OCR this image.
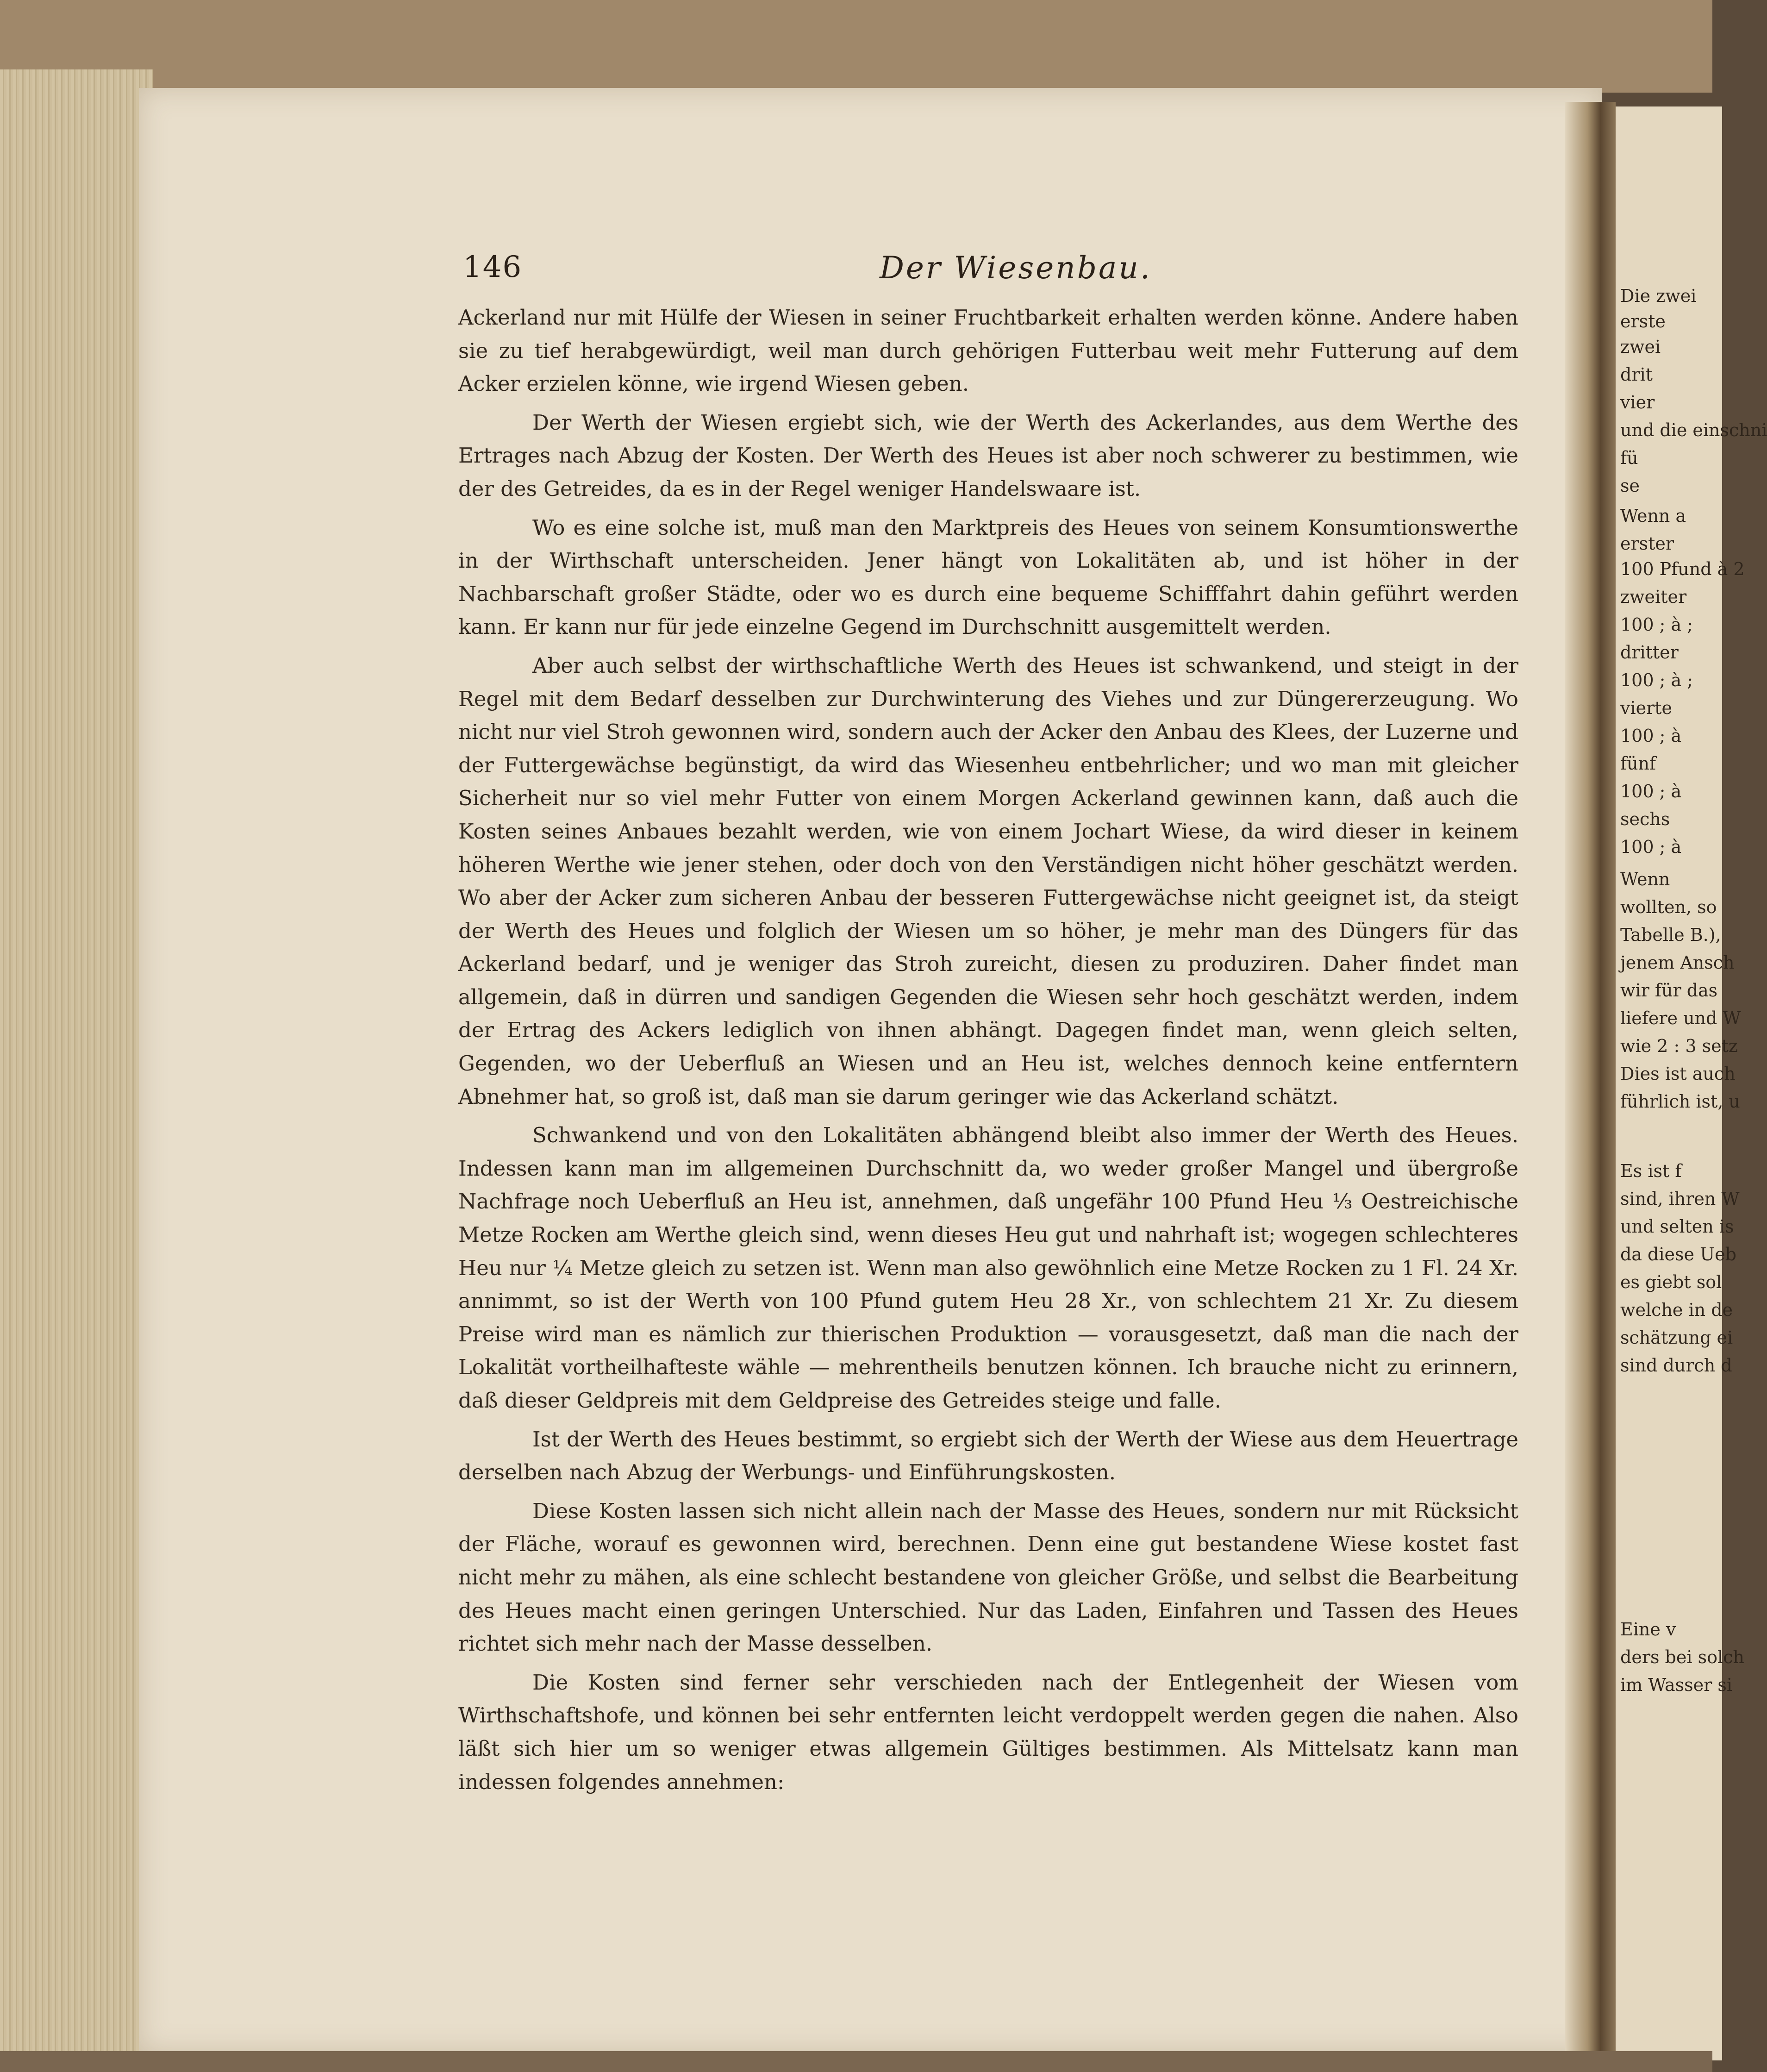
146	Der Wiesenbau.

Ackerland nur mit Hülfe der Wiesen in seiner Fruchtbarkeit erhalten werden könne. Andere haben sie zu tief herabgewürdigt, weil man durch gehörigen Futterbau weit mehr Futterung auf dem Acker erzielen könne, wie irgend Wiesen geben.

Der Werth der Wiesen ergiebt sich, wie der Werth des Ackerlandes, aus dem Werthe des Ertrages nach Abzug der Kosten. Der Werth des Heues ist aber noch schwerer zu bestimmen, wie der des Getreides, da es in der Regel weniger Handelswaare ist.

Wo es eine solche ist, muß man den Marktpreis des Heues von seinem Konsumtionswerthe in der Wirthschaft unterscheiden. Jener hängt von Lokalitäten ab, und ist höher in der Nachbarschaft großer Städte, oder wo es durch eine bequeme Schifffahrt dahin geführt werden kann. Er kann nur für jede einzelne Gegend im Durchschnitt ausgemittelt werden.

Aber auch selbst der wirthschaftliche Werth des Heues ist schwankend, und steigt in der Regel mit dem Bedarf desselben zur Durchwinterung des Viehes und zur Düngererzeugung. Wo nicht nur viel Stroh gewonnen wird, sondern auch der Acker den Anbau des Klees, der Luzerne und der Futtergewächse begünstigt, da wird das Wiesenheu entbehrlicher; und wo man mit gleicher Sicherheit nur so viel mehr Futter von einem Morgen Ackerland gewinnen kann, daß auch die Kosten seines Anbaues bezahlt werden, wie von einem Jochart Wiese, da wird dieser in keinem höheren Werthe wie jener stehen, oder doch von den Verständigen nicht höher geschätzt werden. Wo aber der Acker zum sicheren Anbau der besseren Futtergewächse nicht geeignet ist, da steigt der Werth des Heues und folglich der Wiesen um so höher, je mehr man des Düngers für das Ackerland bedarf, und je weniger das Stroh zureicht, diesen zu produziren. Daher findet man allgemein, daß in dürren und sandigen Gegenden die Wiesen sehr hoch geschätzt werden, indem der Ertrag des Ackers lediglich von ihnen abhängt. Dagegen findet man, wenn gleich selten, Gegenden, wo der Ueberfluß an Wiesen und an Heu ist, welches dennoch keine entferntern Abnehmer hat, so groß ist, daß man sie darum geringer wie das Ackerland schätzt.

Schwankend und von den Lokalitäten abhängend bleibt also immer der Werth des Heues. Indessen kann man im allgemeinen Durchschnitt da, wo weder großer Mangel und übergroße Nachfrage noch Ueberfluß an Heu ist, annehmen, daß ungefähr 100 Pfund Heu ⅓ Oestreichische Metze Rocken am Werthe gleich sind, wenn dieses Heu gut und nahrhaft ist; wogegen schlechteres Heu nur ¼ Metze gleich zu setzen ist. Wenn man also gewöhnlich eine Metze Rocken zu 1 Fl. 24 Xr. annimmt, so ist der Werth von 100 Pfund gutem Heu 28 Xr., von schlechtem 21 Xr. Zu diesem Preise wird man es nämlich zur thierischen Produktion — vorausgesetzt, daß man die nach der Lokalität vortheilhafteste wähle — mehrentheils benutzen können. Ich brauche nicht zu erinnern, daß dieser Geldpreis mit dem Geldpreise des Getreides steige und falle.

Ist der Werth des Heues bestimmt, so ergiebt sich der Werth der Wiese aus dem Heuertrage derselben nach Abzug der Werbungs- und Einführungskosten.

Diese Kosten lassen sich nicht allein nach der Masse des Heues, sondern nur mit Rücksicht der Fläche, worauf es gewonnen wird, berechnen. Denn eine gut bestandene Wiese kostet fast nicht mehr zu mähen, als eine schlecht bestandene von gleicher Größe, und selbst die Bearbeitung des Heues macht einen geringen Unterschied. Nur das Laden, Einfahren und Tassen des Heues richtet sich mehr nach der Masse desselben.

Die Kosten sind ferner sehr verschieden nach der Entlegenheit der Wiesen vom Wirthschaftshofe, und können bei sehr entfernten leicht verdoppelt werden gegen die nahen. Also läßt sich hier um so weniger etwas allgemein Gültiges bestimmen. Als Mittelsatz kann man indessen folgendes annehmen:

Die zwei
erste
zwei
drit
vier
und die einschni
fü
se
Wenn a
erster
100 Pfund à 2
zweiter
100 ; à ;
dritter
100 ; à ;
vierte
100 ; à
fünf
100 ; à
sechs
100 ; à
Wenn
wollten, so
Tabelle B.),
jenem Ansch
wir für das
liefere und W
wie 2 : 3 setz
Dies ist auch
führlich ist, u
Es ist f
sind, ihren W
und selten is
da diese Ueb
es giebt sol
welche in de
schätzung ei
sind durch d
Eine v
ders bei solch
im Wasser si
